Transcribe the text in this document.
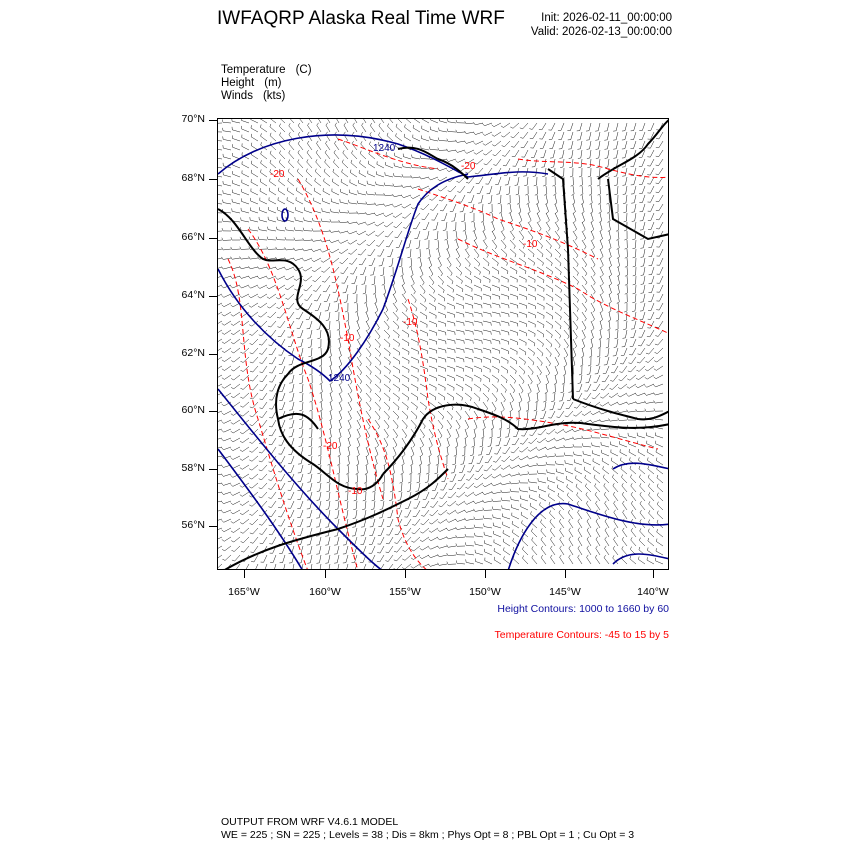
IWFAQRP Alaska Real Time WRF	Init: 2026-02-11_00:00:00
Valid: 2026-02-13_00:00:00
Temperature (C)
Height (m)
Winds (kts)
1240
1240
-20
-20
-10
-10
-10
-20
-10
70°N
68°N
66°N
64°N
62°N
60°N
58°N
56°N
165°W	160°W	155°W	150°W	145°W	140°W
Height Contours: 1000 to 1660 by 60
Temperature Contours: -45 to 15 by 5
OUTPUT FROM WRF V4.6.1 MODEL
WE = 225 ; SN = 225 ; Levels = 38 ; Dis = 8km ; Phys Opt = 8 ; PBL Opt = 1 ; Cu Opt = 3
